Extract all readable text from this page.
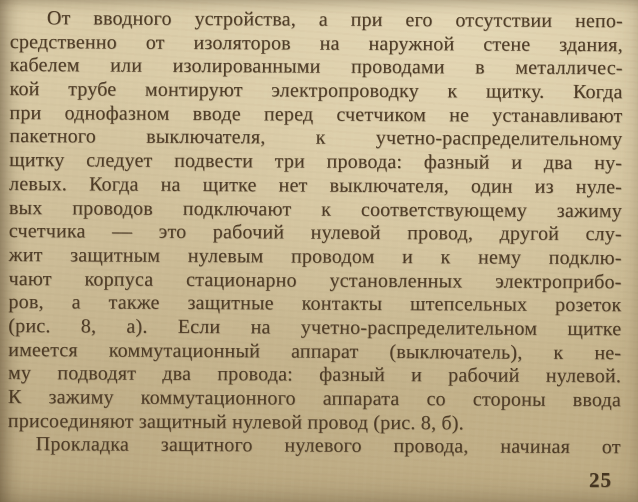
От вводного устройства, а при его отсутствии непо-
средственно от изоляторов на наружной стене здания,
кабелем или изолированными проводами в металличес-
кой трубе монтируют электропроводку к щитку. Когда
при однофазном вводе перед счетчиком не устанавливают
пакетного выключателя, к учетно-распределительному
щитку следует подвести три провода: фазный и два ну-
левых. Когда на щитке нет выключателя, один из нуле-
вых проводов подключают к соответствующему зажиму
счетчика — это рабочий нулевой провод, другой слу-
жит защитным нулевым проводом и к нему подклю-
чают корпуса стационарно установленных электроприбо-
ров, а также защитные контакты штепсельных розеток
(рис. 8, а). Если на учетно-распределительном щитке
имеется коммутационный аппарат (выключатель), к не-
му подводят два провода: фазный и рабочий нулевой.
К зажиму коммутационного аппарата со стороны ввода
присоединяют защитный нулевой провод (рис. 8, б).
Прокладка защитного нулевого провода, начиная от
25
